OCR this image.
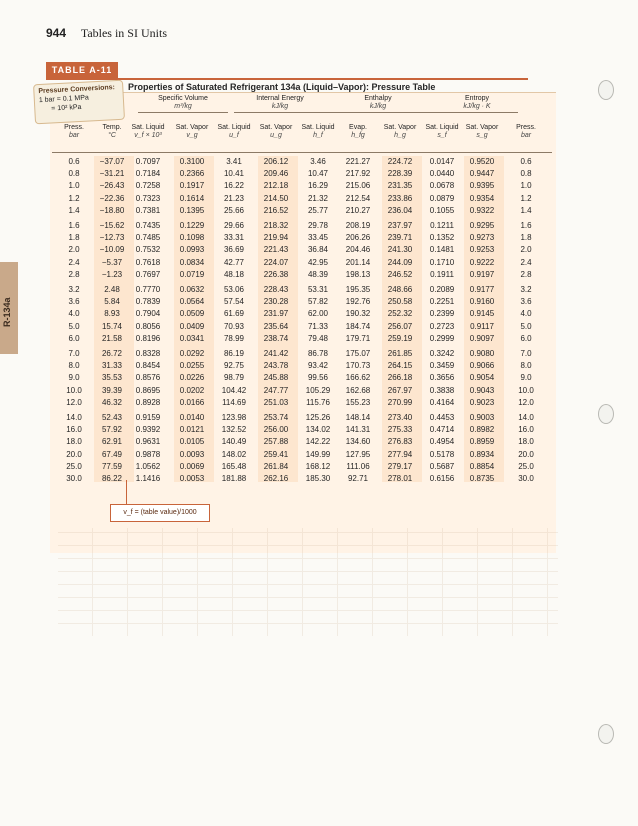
944 Tables in SI Units
R-134a
TABLE A-11
Pressure Conversions:
1 bar = 0.1 MPa
= 10² kPa
Properties of Saturated Refrigerant 134a (Liquid–Vapor): Pressure Table
Specific Volume
m³/kg
Internal Energy
kJ/kg
Enthalpy
kJ/kg
Entropy
kJ/kg · K
Press.
bar
Temp.
°C
Sat. Liquid
v_f × 10³
Sat. Vapor
v_g
Sat. Liquid
u_f
Sat. Vapor
u_g
Sat. Liquid
h_f
Evap.
h_fg
Sat. Vapor
h_g
Sat. Liquid
s_f
Sat. Vapor
s_g
Press.
bar
0.6
0.8
1.0
1.2
1.4
−37.07
−31.21
−26.43
−22.36
−18.80
0.7097
0.7184
0.7258
0.7323
0.7381
0.3100
0.2366
0.1917
0.1614
0.1395
3.41
10.41
16.22
21.23
25.66
206.12
209.46
212.18
214.50
216.52
3.46
10.47
16.29
21.32
25.77
221.27
217.92
215.06
212.54
210.27
224.72
228.39
231.35
233.86
236.04
0.0147
0.0440
0.0678
0.0879
0.1055
0.9520
0.9447
0.9395
0.9354
0.9322
0.6
0.8
1.0
1.2
1.4
1.6
1.8
2.0
2.4
2.8
−15.62
−12.73
−10.09
−5.37
−1.23
0.7435
0.7485
0.7532
0.7618
0.7697
0.1229
0.1098
0.0993
0.0834
0.0719
29.66
33.31
36.69
42.77
48.18
218.32
219.94
221.43
224.07
226.38
29.78
33.45
36.84
42.95
48.39
208.19
206.26
204.46
201.14
198.13
237.97
239.71
241.30
244.09
246.52
0.1211
0.1352
0.1481
0.1710
0.1911
0.9295
0.9273
0.9253
0.9222
0.9197
1.6
1.8
2.0
2.4
2.8
3.2
3.6
4.0
5.0
6.0
2.48
5.84
8.93
15.74
21.58
0.7770
0.7839
0.7904
0.8056
0.8196
0.0632
0.0564
0.0509
0.0409
0.0341
53.06
57.54
61.69
70.93
78.99
228.43
230.28
231.97
235.64
238.74
53.31
57.82
62.00
71.33
79.48
195.35
192.76
190.32
184.74
179.71
248.66
250.58
252.32
256.07
259.19
0.2089
0.2251
0.2399
0.2723
0.2999
0.9177
0.9160
0.9145
0.9117
0.9097
3.2
3.6
4.0
5.0
6.0
7.0
8.0
9.0
10.0
12.0
26.72
31.33
35.53
39.39
46.32
0.8328
0.8454
0.8576
0.8695
0.8928
0.0292
0.0255
0.0226
0.0202
0.0166
86.19
92.75
98.79
104.42
114.69
241.42
243.78
245.88
247.77
251.03
86.78
93.42
99.56
105.29
115.76
175.07
170.73
166.62
162.68
155.23
261.85
264.15
266.18
267.97
270.99
0.3242
0.3459
0.3656
0.3838
0.4164
0.9080
0.9066
0.9054
0.9043
0.9023
7.0
8.0
9.0
10.0
12.0
14.0
16.0
18.0
20.0
25.0
30.0
52.43
57.92
62.91
67.49
77.59
86.22
0.9159
0.9392
0.9631
0.9878
1.0562
1.1416
0.0140
0.0121
0.0105
0.0093
0.0069
0.0053
123.98
132.52
140.49
148.02
165.48
181.88
253.74
256.00
257.88
259.41
261.84
262.16
125.26
134.02
142.22
149.99
168.12
185.30
148.14
141.31
134.60
127.95
111.06
92.71
273.40
275.33
276.83
277.94
279.17
278.01
0.4453
0.4714
0.4954
0.5178
0.5687
0.6156
0.9003
0.8982
0.8959
0.8934
0.8854
0.8735
14.0
16.0
18.0
20.0
25.0
30.0
v_f = (table value)/1000
